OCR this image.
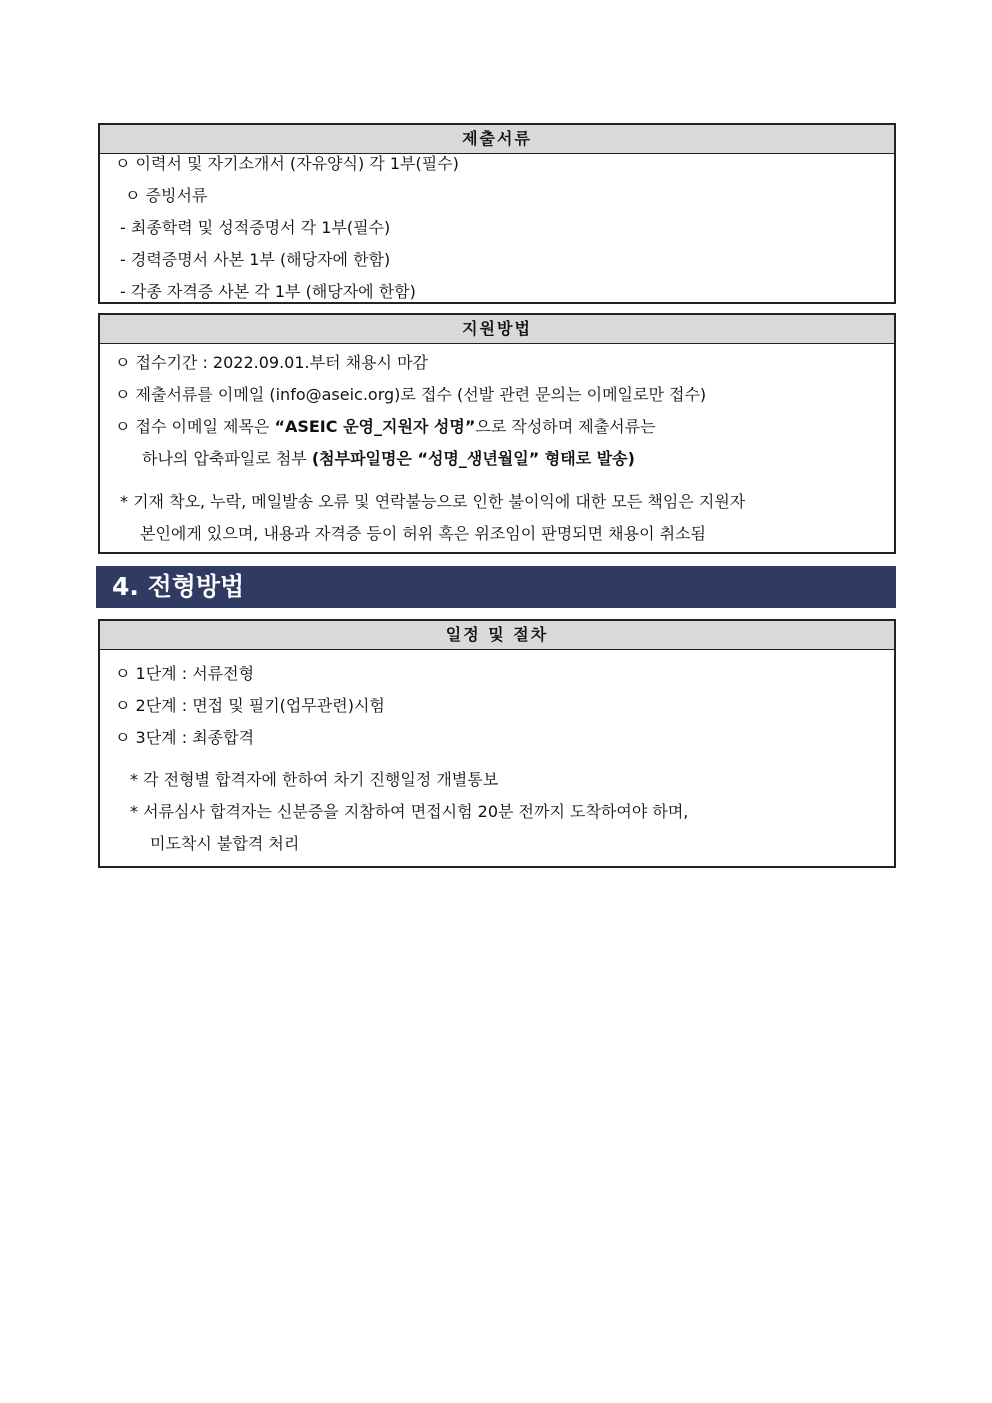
제출서류
ㅇ 이력서 및 자기소개서 (자유양식) 각 1부(필수)
ㅇ 증빙서류
- 최종학력 및 성적증명서 각 1부(필수)
- 경력증명서 사본 1부 (해당자에 한함)
- 각종 자격증 사본 각 1부 (해당자에 한함)
지원방법
ㅇ 접수기간 : 2022.09.01.부터 채용시 마감
ㅇ 제출서류를 이메일 (info@aseic.org)로 접수 (선발 관련 문의는 이메일로만 접수)
ㅇ 접수 이메일 제목은 “ASEIC 운영_지원자 성명”으로 작성하며 제출서류는
하나의 압축파일로 첨부 (첨부파일명은 “성명_생년월일” 형태로 발송)
* 기재 착오, 누락, 메일발송 오류 및 연락불능으로 인한 불이익에 대한 모든 책임은 지원자
본인에게 있으며, 내용과 자격증 등이 허위 혹은 위조임이 판명되면 채용이 취소됨
4. 전형방법
일정 및 절차
ㅇ 1단계 : 서류전형
ㅇ 2단계 : 면접 및 필기(업무관련)시험
ㅇ 3단계 : 최종합격
* 각 전형별 합격자에 한하여 차기 진행일정 개별통보
* 서류심사 합격자는 신분증을 지참하여 면접시험 20분 전까지 도착하여야 하며,
미도착시 불합격 처리
